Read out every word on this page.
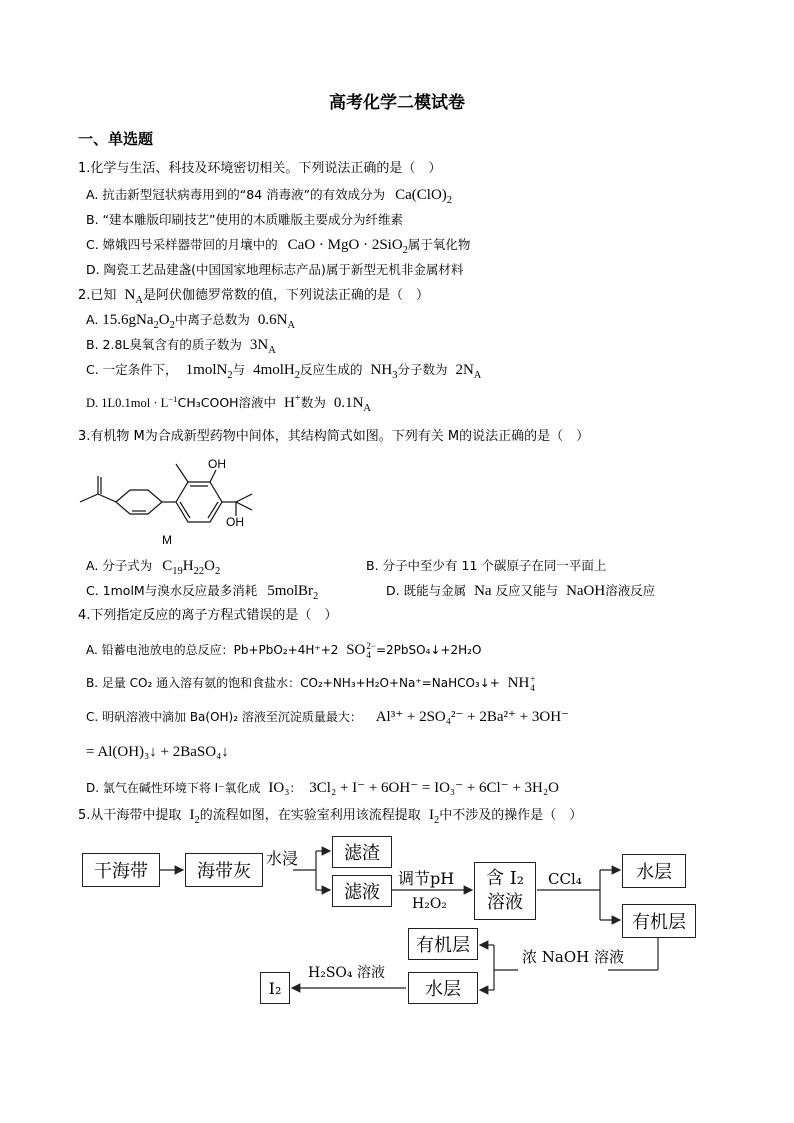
高考化学二模试卷
一、单选题
1.化学与生活、科技及环境密切相关。下列说法正确的是（　）
A. 抗击新型冠状病毒用到的“84 消毒液”的有效成分为 $Ca(ClO)_2$
B. “建本雕版印刷技艺”使用的木质雕版主要成分为纤维素
C. 嫦娥四号采样器带回的月壤中的 CaO · MgO · 2SiO$_2$属于氧化物
D. 陶瓷工艺品建盏(中国国家地理标志产品)属于新型无机非金属材料
2.已知 $N_A$是阿伏伽德罗常数的值，下列说法正确的是（　）
A. $15.6gNa_2O_2$中离子总数为 $0.6N_A$
B. 2.8L臭氧含有的质子数为 $3N_A$
C. 一定条件下， 1molN$_2$与 4molH$_2$反应生成的 $NH_3$分子数为 $2N_A$
D. $1L0.1mol \cdot L^{-1}CH_3COOH$溶液中 H+数为 $0.1N_A$
3.有机物 M为合成新型药物中间体，其结构简式如图。下列有关 M的说法正确的是（　）
OH
OH
M
A. 分子式为 $C_{19}H_{22}O_2$	B. 分子中至少有 11 个碳原子在同一平面上
C. 1molM与溴水反应最多消耗 5molBr$_2$	D. 既能与金属 Na 反应又能与 NaOH溶液反应
4.下列指定反应的离子方程式错误的是（　）
A. 铅蓄电池放电的总反应：Pb+PbO₂+4H⁺+2 SO 2−
4 =2PbSO₄↓+2H₂O
B. 足量 CO₂ 通入溶有氨的饱和食盐水：CO₂+NH₃+H₂O+Na⁺=NaHCO₃↓+ NH +
4
C. 明矾溶液中滴加 Ba(OH)₂ 溶液至沉淀质量最大： Al³⁺ + 2SO₄²⁻ + 2Ba²⁺ + 3OH⁻
= Al(OH)₃↓ + 2BaSO₄↓
D. 氯气在碱性环境下将 I⁻氧化成 IO₃： 3Cl₂ + I⁻ + 6OH⁻ = IO₃⁻ + 6Cl⁻ + 3H₂O
5.从干海带中提取 $I_2$的流程如图，在实验室利用该流程提取 $I_2$中不涉及的操作是（　）
干海带	海带灰
水浸	滤渣
滤液
调节pH
H₂O₂
含 I₂
溶液
CCl₄	水层
有机层
浓 NaOH 溶液
有机层
水层
H₂SO₄ 溶液
I₂
